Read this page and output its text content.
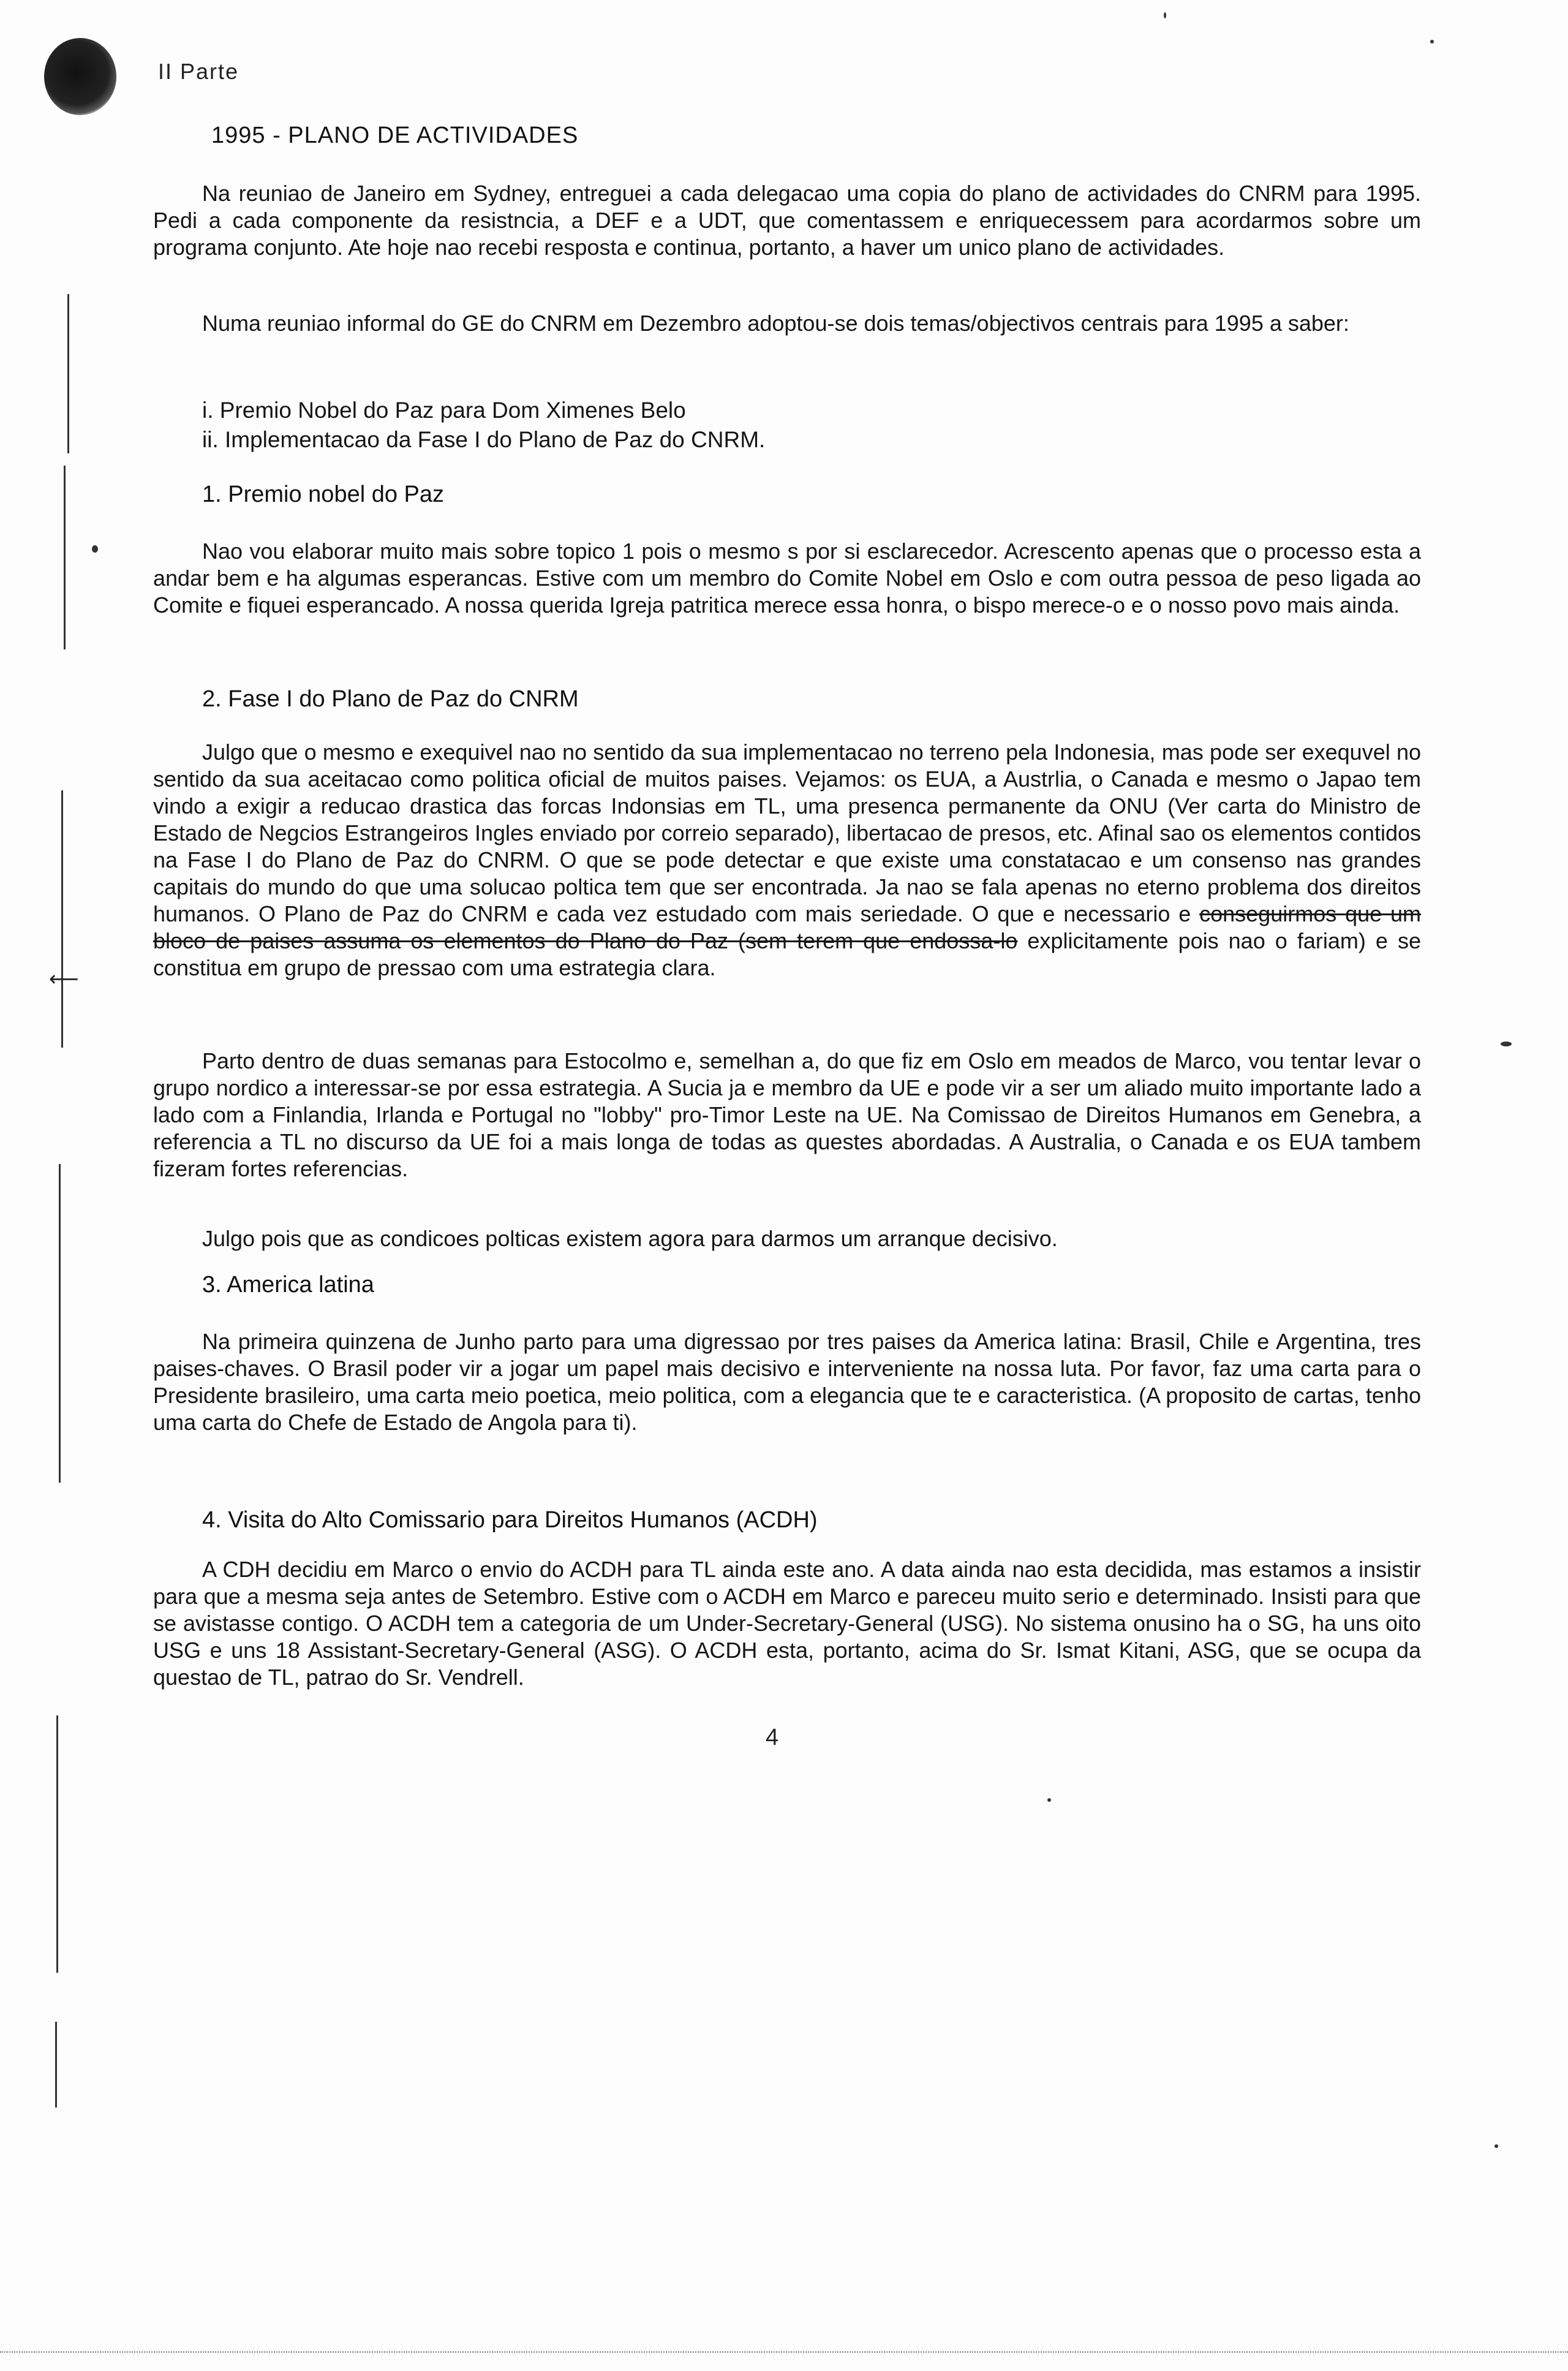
II Parte
1995 - PLANO DE ACTIVIDADES
Na reuniao de Janeiro em Sydney, entreguei a cada delegacao uma copia do plano de actividades do CNRM para 1995. Pedi a cada componente da resistncia, a DEF e a UDT, que comentassem e enriquecessem para acordarmos sobre um programa conjunto. Ate hoje nao recebi resposta e continua, portanto, a haver um unico plano de actividades.
Numa reuniao informal do GE do CNRM em Dezembro adoptou-se dois temas/objectivos centrais para 1995 a saber:
i. Premio Nobel do Paz para Dom Ximenes Belo
ii. Implementacao da Fase I do Plano de Paz do CNRM.
1. Premio nobel do Paz
Nao vou elaborar muito mais sobre topico 1 pois o mesmo s por si esclarecedor. Acrescento apenas que o processo esta a andar bem e ha algumas esperancas. Estive com um membro do Comite Nobel em Oslo e com outra pessoa de peso ligada ao Comite e fiquei esperancado. A nossa querida Igreja patritica merece essa honra, o bispo merece-o e o nosso povo mais ainda.
2. Fase I do Plano de Paz do CNRM
Julgo que o mesmo e exequivel nao no sentido da sua implementacao no terreno pela Indonesia, mas pode ser exequvel no sentido da sua aceitacao como politica oficial de muitos paises. Vejamos: os EUA, a Austrlia, o Canada e mesmo o Japao tem vindo a exigir a reducao drastica das forcas Indonsias em TL, uma presenca permanente da ONU (Ver carta do Ministro de Estado de Negcios Estrangeiros Ingles enviado por correio separado), libertacao de presos, etc. Afinal sao os elementos contidos na Fase I do Plano de Paz do CNRM. O que se pode detectar e que existe uma constatacao e um consenso nas grandes capitais do mundo do que uma solucao poltica tem que ser encontrada. Ja nao se fala apenas no eterno problema dos direitos humanos. O Plano de Paz do CNRM e cada vez estudado com mais seriedade. O que e necessario e conseguirmos que um bloco de paises assuma os elementos do Plano do Paz (sem terem que endossa-lo explicitamente pois nao o fariam) e se constitua em grupo de pressao com uma estrategia clara.
⟵
Parto dentro de duas semanas para Estocolmo e, semelhan a, do que fiz em Oslo em meados de Marco, vou tentar levar o grupo nordico a interessar-se por essa estrategia. A Sucia ja e membro da UE e pode vir a ser um aliado muito importante lado a lado com a Finlandia, Irlanda e Portugal no "lobby" pro-Timor Leste na UE. Na Comissao de Direitos Humanos em Genebra, a referencia a TL no discurso da UE foi a mais longa de todas as questes abordadas. A Australia, o Canada e os EUA tambem fizeram fortes referencias.
Julgo pois que as condicoes polticas existem agora para darmos um arranque decisivo.
3. America latina
Na primeira quinzena de Junho parto para uma digressao por tres paises da America latina: Brasil, Chile e Argentina, tres paises-chaves. O Brasil poder vir a jogar um papel mais decisivo e interveniente na nossa luta. Por favor, faz uma carta para o Presidente brasileiro, uma carta meio poetica, meio politica, com a elegancia que te e caracteristica. (A proposito de cartas, tenho uma carta do Chefe de Estado de Angola para ti).
4. Visita do Alto Comissario para Direitos Humanos (ACDH)
A CDH decidiu em Marco o envio do ACDH para TL ainda este ano. A data ainda nao esta decidida, mas estamos a insistir para que a mesma seja antes de Setembro. Estive com o ACDH em Marco e pareceu muito serio e determinado. Insisti para que se avistasse contigo. O ACDH tem a categoria de um Under-Secretary-General (USG). No sistema onusino ha o SG, ha uns oito USG e uns 18 Assistant-Secretary-General (ASG). O ACDH esta, portanto, acima do Sr. Ismat Kitani, ASG, que se ocupa da questao de TL, patrao do Sr. Vendrell.
4
